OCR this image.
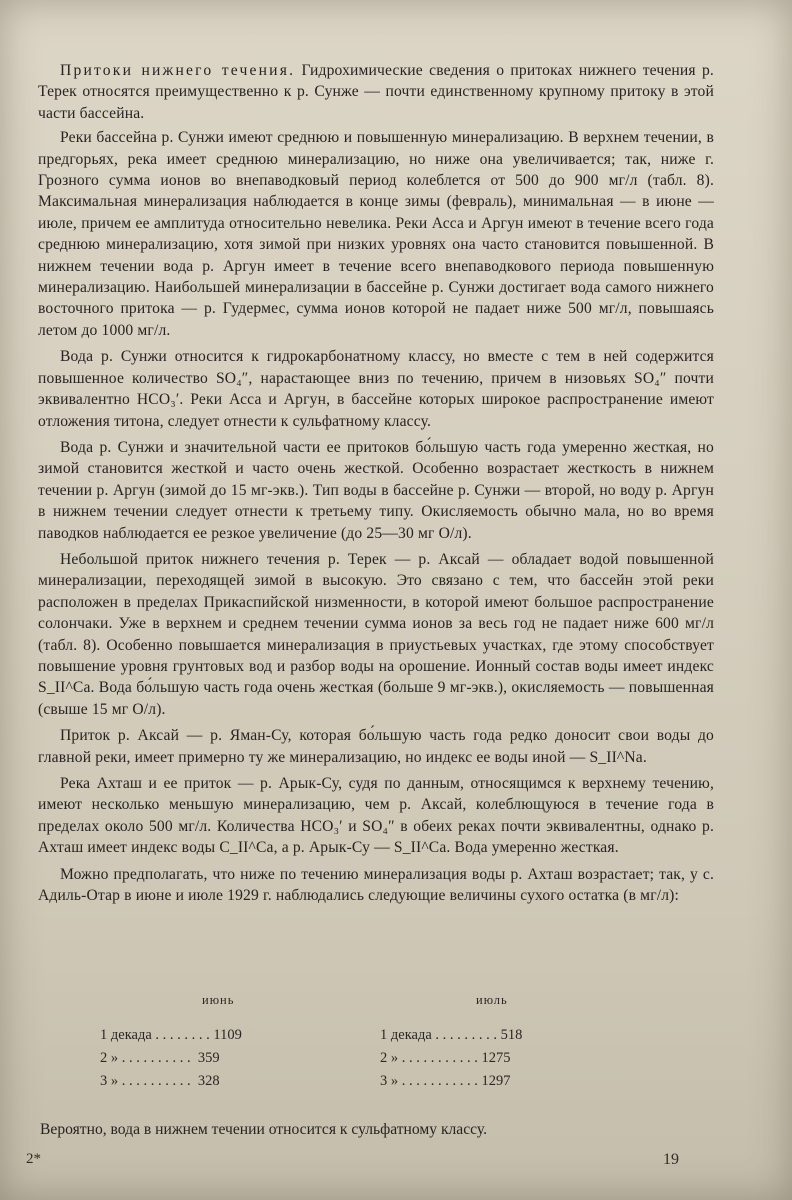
Притоки нижнего течения. Гидрохимические сведения о притоках нижнего течения р. Терек относятся преимущественно к р. Сунже — почти единственному крупному притоку в этой части бассейна.

Реки бассейна р. Сунжи имеют среднюю и повышенную минерализацию. В верхнем течении, в предгорьях, река имеет среднюю минерализацию, но ниже она увеличивается; так, ниже г. Грозного сумма ионов во внепаводковый период колеблется от 500 до 900 мг/л (табл. 8). Максимальная минерализация наблюдается в конце зимы (февраль), минимальная — в июне — июле, причем ее амплитуда относительно невелика. Реки Асса и Аргун имеют в течение всего года среднюю минерализацию, хотя зимой при низких уровнях она часто становится повышенной. В нижнем течении вода р. Аргун имеет в течение всего внепаводкового периода повышенную минерализацию. Наибольшей минерализации в бассейне р. Сунжи достигает вода самого нижнего восточного притока — р. Гудермес, сумма ионов которой не падает ниже 500 мг/л, повышаясь летом до 1000 мг/л.

Вода р. Сунжи относится к гидрокарбонатному классу, но вместе с тем в ней содержится повышенное количество SO₄″, нарастающее вниз по течению, причем в низовьях SO₄″ почти эквивалентно HCO₃′. Реки Асса и Аргун, в бассейне которых широкое распространение имеют отложения титона, следует отнести к сульфатному классу.

Вода р. Сунжи и значительной части ее притоков бо́льшую часть года умеренно жесткая, но зимой становится жесткой и часто очень жесткой. Особенно возрастает жесткость в нижнем течении р. Аргун (зимой до 15 мг-экв.). Тип воды в бассейне р. Сунжи — второй, но воду р. Аргун в нижнем течении следует отнести к третьему типу. Окисляемость обычно мала, но во время паводков наблюдается ее резкое увеличение (до 25—30 мг O/л).

Небольшой приток нижнего течения р. Терек — р. Аксай — обладает водой повышенной минерализации, переходящей зимой в высокую. Это связано с тем, что бассейн этой реки расположен в пределах Прикаспийской низменности, в которой имеют большое распространение солончаки. Уже в верхнем и среднем течении сумма ионов за весь год не падает ниже 600 мг/л (табл. 8). Особенно повышается минерализация в приустьевых участках, где этому способствует повышение уровня грунтовых вод и разбор воды на орошение. Ионный состав воды имеет индекс S_II^Ca. Вода бо́льшую часть года очень жесткая (больше 9 мг-экв.), окисляемость — повышенная (свыше 15 мг O/л).

Приток р. Аксай — р. Яман-Су, которая бо́льшую часть года редко доносит свои воды до главной реки, имеет примерно ту же минерализацию, но индекс ее воды иной — S_II^Na.

Река Ахташ и ее приток — р. Арык-Су, судя по данным, относящимся к верхнему течению, имеют несколько меньшую минерализацию, чем р. Аксай, колеблющуюся в течение года в пределах около 500 мг/л. Количества HCO₃′ и SO₄″ в обеих реках почти эквивалентны, однако р. Ахташ имеет индекс воды C_II^Ca, а р. Арык-Су — S_II^Ca. Вода умеренно жесткая.

Можно предполагать, что ниже по течению минерализация воды р. Ахташ возрастает; так, у с. Адиль-Отар в июне и июле 1929 г. наблюдались следующие величины сухого остатка (в мг/л):

июнь	июль
1 декада . . . . . . . . 1109
2 » . . . . . . . . . .  359
3 » . . . . . . . . . .  328
1 декада . . . . . . . . . 518
2 » . . . . . . . . . . . 1275
3 » . . . . . . . . . . . 1297
Вероятно, вода в нижнем течении относится к сульфатному классу.
2*	19
